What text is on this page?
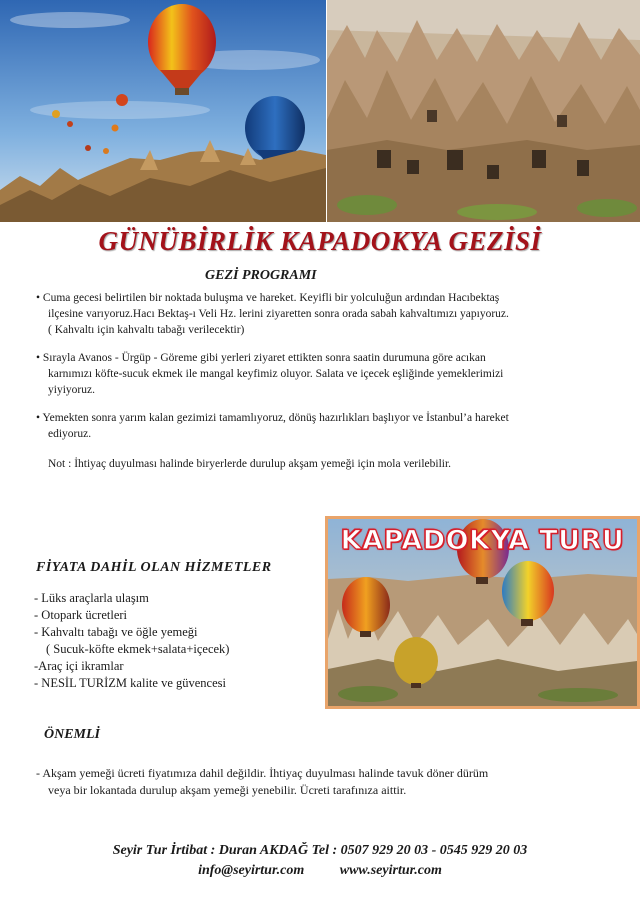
GÜNÜBİRLİK KAPADOKYA GEZİSİ
GEZİ PROGRAMI
• Cuma gecesi belirtilen bir noktada buluşma ve hareket. Keyifli bir yolculuğun ardından Hacıbektaş

ilçesine varıyoruz.Hacı Bektaş-ı Veli Hz. lerini ziyaretten sonra orada sabah kahvaltımızı yapıyoruz.
( Kahvaltı için kahvaltı tabağı verilecektir)
• Sırayla Avanos - Ürgüp - Göreme gibi yerleri ziyaret ettikten sonra saatin durumuna göre acıkan

karnımızı köfte-sucuk ekmek ile mangal keyfimiz oluyor. Salata ve içecek eşliğinde yemeklerimizi
yiyiyoruz.
• Yemekten sonra yarım kalan gezimizi tamamlıyoruz, dönüş hazırlıkları başlıyor ve İstanbul’a hareket

ediyoruz.
Not : İhtiyaç duyulması halinde biryerlerde durulup akşam yemeği için mola verilebilir.
KAPADOKYA TURU
FİYATA DAHİL OLAN HİZMETLER
- Lüks araçlarla ulaşım
- Otopark ücretleri
- Kahvaltı tabağı ve öğle yemeği
( Sucuk-köfte ekmek+salata+içecek)
-Araç içi ikramlar
- NESİL TURİZM kalite ve güvencesi
ÖNEMLİ
- Akşam yemeği ücreti fiyatımıza dahil değildir. İhtiyaç duyulması halinde tavuk döner dürüm
veya bir lokantada durulup akşam yemeği yenebilir. Ücreti tarafınıza aittir.
Seyir Tur İrtibat : Duran AKDAĞ Tel : 0507 929 20 03 - 0545 929 20 03
info@seyirtur.com	www.seyirtur.com
